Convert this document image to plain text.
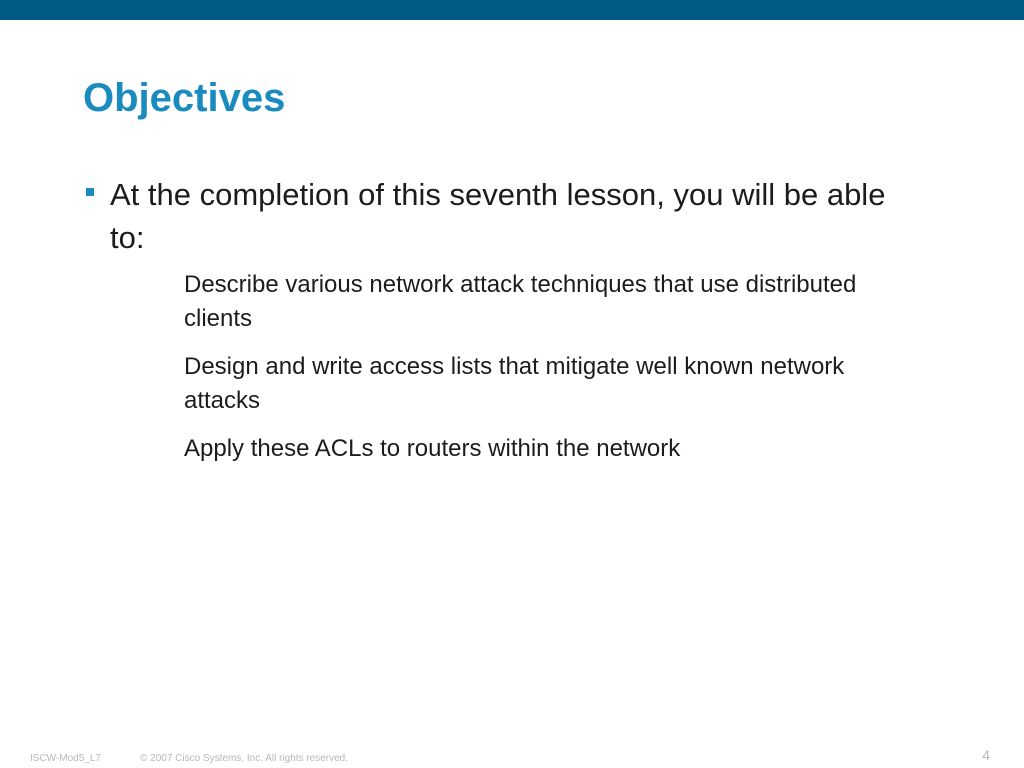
Objectives

At the completion of this seventh lesson, you will be able to:

Describe various network attack techniques that use distributed clients
Design and write access lists that mitigate well known network attacks
Apply these ACLs to routers within the network
ISCW-Mod5_L7	© 2007 Cisco Systems, Inc. All rights reserved.	4
